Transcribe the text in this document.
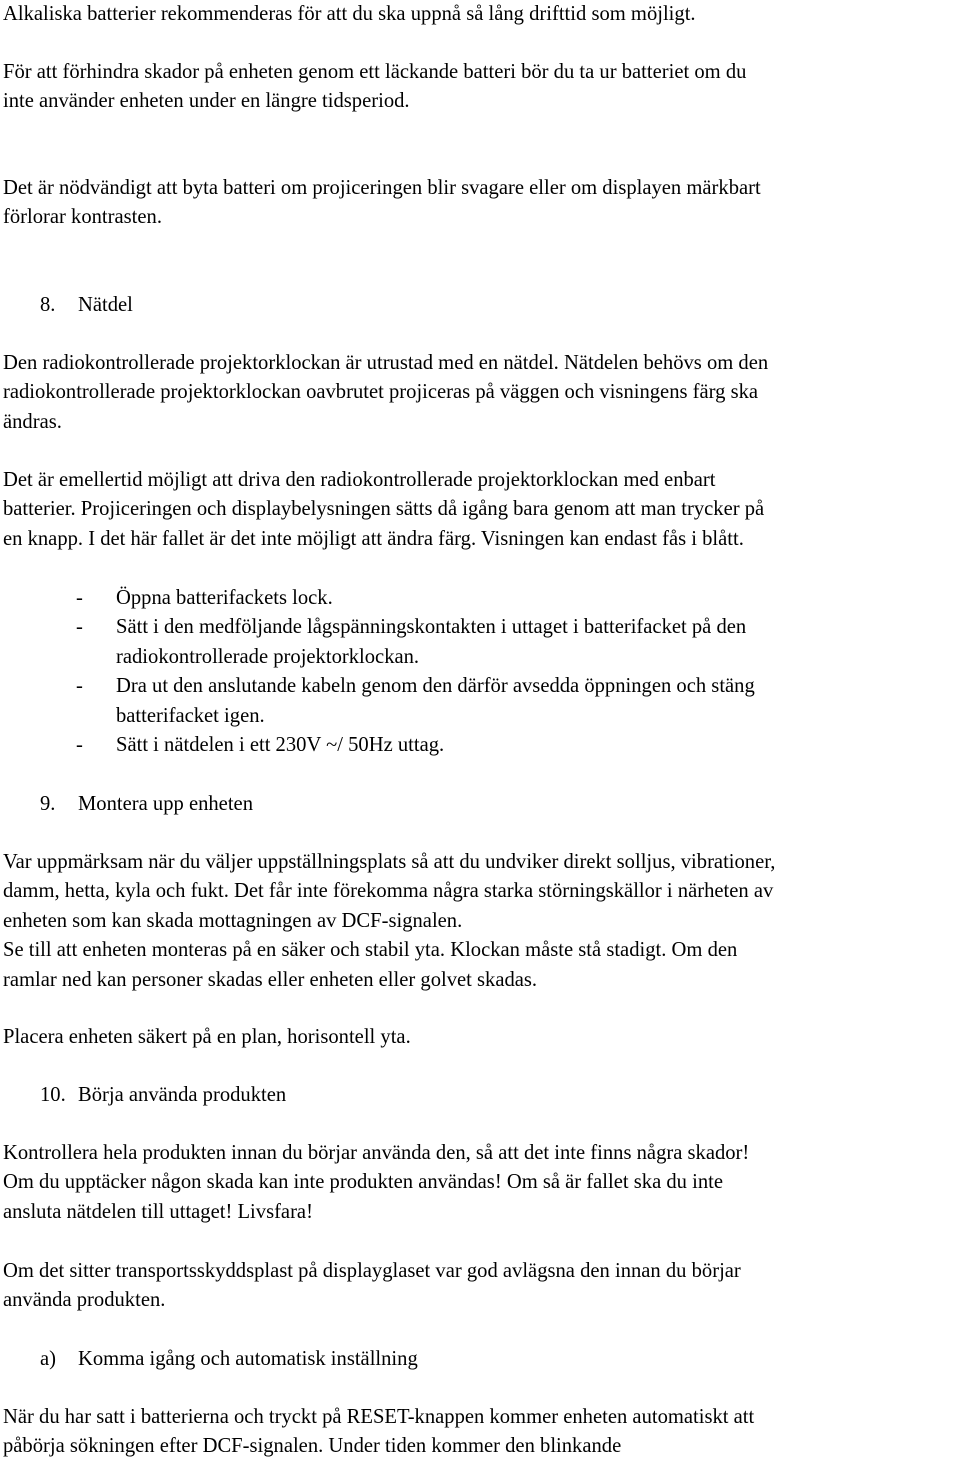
Alkaliska batterier rekommenderas för att du ska uppnå så lång drifttid som möjligt.
För att förhindra skador på enheten genom ett läckande batteri bör du ta ur batteriet om du
inte använder enheten under en längre tidsperiod.
Det är nödvändigt att byta batteri om projiceringen blir svagare eller om displayen märkbart
förlorar kontrasten.
8. Nätdel
Den radiokontrollerade projektorklockan är utrustad med en nätdel. Nätdelen behövs om den
radiokontrollerade projektorklockan oavbrutet projiceras på väggen och visningens färg ska
ändras.
Det är emellertid möjligt att driva den radiokontrollerade projektorklockan med enbart
batterier. Projiceringen och displaybelysningen sätts då igång bara genom att man trycker på
en knapp. I det här fallet är det inte möjligt att ändra färg. Visningen kan endast fås i blått.
- Öppna batterifackets lock.
- Sätt i den medföljande lågspänningskontakten i uttaget i batterifacket på den
radiokontrollerade projektorklockan.
- Dra ut den anslutande kabeln genom den därför avsedda öppningen och stäng
batterifacket igen.
- Sätt i nätdelen i ett 230V ~/ 50Hz uttag.
9. Montera upp enheten
Var uppmärksam när du väljer uppställningsplats så att du undviker direkt solljus, vibrationer,
damm, hetta, kyla och fukt. Det får inte förekomma några starka störningskällor i närheten av
enheten som kan skada mottagningen av DCF-signalen.
Se till att enheten monteras på en säker och stabil yta. Klockan måste stå stadigt. Om den
ramlar ned kan personer skadas eller enheten eller golvet skadas.
Placera enheten säkert på en plan, horisontell yta.
10. Börja använda produkten
Kontrollera hela produkten innan du börjar använda den, så att det inte finns några skador!
Om du upptäcker någon skada kan inte produkten användas! Om så är fallet ska du inte
ansluta nätdelen till uttaget! Livsfara!
Om det sitter transportsskyddsplast på displayglaset var god avlägsna den innan du börjar
använda produkten.
a) Komma igång och automatisk inställning
När du har satt i batterierna och tryckt på RESET-knappen kommer enheten automatiskt att
påbörja sökningen efter DCF-signalen. Under tiden kommer den blinkande
